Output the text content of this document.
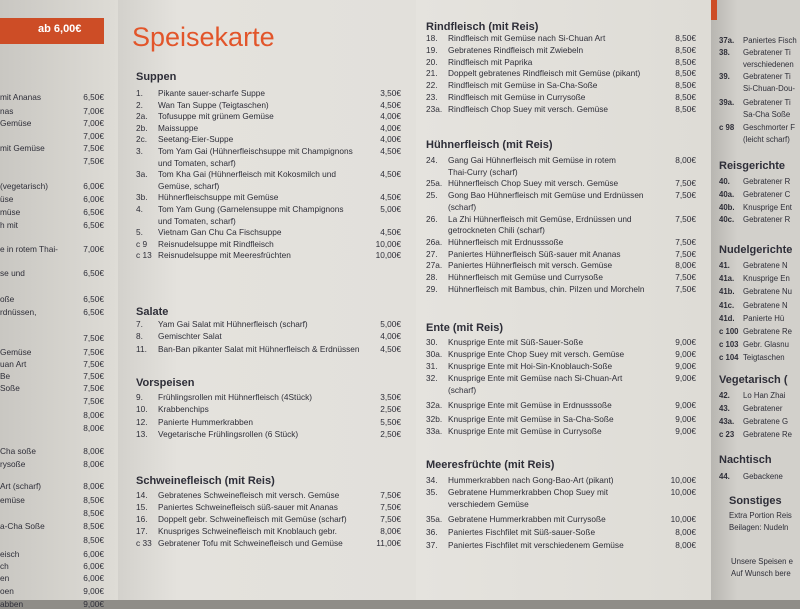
ab 6,00€
mit Ananas	6,50€
nas	7,00€
Gemüse	7,00€
7,00€
mit Gemüse	7,50€
7,50€
(vegetarisch)	6,00€
üse	6,00€
müse	6,50€
h mit	6,50€
e in rotem Thai-	7,00€
se und	6,50€
oße	6,50€
rdnüssen,	6,50€
7,50€
Gemüse	7,50€
uan Art	7,50€
Be	7,50€
Soße	7,50€
7,50€
8,00€
8,00€
Cha soße	8,00€
rysoße	8,00€
Art (scharf)	8,00€
emüse	8,50€
8,50€
a-Cha Soße	8,50€
8,50€
eisch	6,00€
ch	6,00€
en	6,00€
oen	9,00€
abben	9,00€
Speisekarte
Suppen
1.	Pikante sauer-scharfe Suppe	3,50€
2.	Wan Tan Suppe (Teigtaschen)	4,50€
2a.	Tofusuppe mit grünem Gemüse	4,00€
2b.	Maissuppe	4,00€
2c.	Seetang-Eier-Suppe	4,00€
3.	Tom Yam Gai (Hühnerfleischsuppe mit Champignons	4,50€
und Tomaten, scharf)
3a.	Tom Kha Gai (Hühnerfleisch mit Kokosmilch und	4,50€
Gemüse, scharf)
3b.	Hühnerfleischsuppe mit Gemüse	4,50€
4.	Tom Yam Gung (Garnelensuppe mit Champignons	5,00€
und Tomaten, scharf)
5.	Vietnam Gan Chu Ca Fischsuppe	4,50€
c 9	Reisnudelsuppe mit Rindfleisch	10,00€
c 13 Reisnudelsuppe mit Meeresfrüchten	10,00€
Salate
7.	Yam Gai Salat mit Hühnerfleisch (scharf)	5,00€
8.	Gemischter Salat	4,00€
11.	Ban-Ban pikanter Salat mit Hühnerfleisch & Erdnüssen 4,50€
Vorspeisen
9.	Frühlingsrollen mit Hühnerfleisch (4Stück)	3,50€
10.	Krabbenchips	2,50€
12.	Panierte Hummerkrabben	5,50€
13.	Vegetarische Frühlingsrollen (6 Stück)	2,50€
Schweinefleisch (mit Reis)
14.	Gebratenes Schweinefleisch mit versch. Gemüse	7,50€
15.	Paniertes Schweinefleisch süß-sauer mit Ananas	7,50€
16.	Doppelt gebr. Schweinefleisch mit Gemüse (scharf)	7,50€
17.	Knuspriges Schweinefleisch mit Knoblauch gebr.	8,00€
c 33 Gebratener Tofu mit Schweinefleisch und Gemüse	11,00€
Rindfleisch (mit Reis)
18.	Rindfleisch mit Gemüse nach Si-Chuan Art	8,50€
19.	Gebratenes Rindfleisch mit Zwiebeln	8,50€
20.	Rindfleisch mit Paprika	8,50€
21.	Doppelt gebratenes Rindfleisch mit Gemüse (pikant)	8,50€
22.	Rindfleisch mit Gemüse in Sa-Cha-Soße	8,50€
23.	Rindfleisch mit Gemüse in Currysoße	8,50€
23a. Rindfleisch Chop Suey mit versch. Gemüse	8,50€
Hühnerfleisch (mit Reis)
24.	Gang Gai Hühnerfleisch mit Gemüse in rotem	8,00€
Thai-Curry (scharf)
25a. Hühnerfleisch Chop Suey mit versch. Gemüse	7,50€
25.	Gong Bao Hühnerfleisch mit Gemüse und Erdnüssen	7,50€
(scharf)
26.	La Zhi Hühnerfleisch mit Gemüse, Erdnüssen und	7,50€
getrockneten Chili (scharf)
26a. Hühnerfleisch mit Erdnusssoße	7,50€
27.	Paniertes Hühnerfleisch Süß-sauer mit Ananas	7,50€
27a. Paniertes Hühnerfleisch mit versch. Gemüse	8,00€
28.	Hühnerfleisch mit Gemüse und Currysoße	7,50€
29.	Hühnerfleisch mit Bambus, chin. Pilzen und Morcheln	7,50€
Ente (mit Reis)
30.	Knusprige Ente mit Süß-Sauer-Soße	9,00€
30a. Knusprige Ente Chop Suey mit versch. Gemüse	9,00€
31.	Knusprige Ente mit Hoi-Sin-Knoblauch-Soße	9,00€
32.	Knusprige Ente mit Gemüse nach Si-Chuan-Art	9,00€
(scharf)
32a. Knusprige Ente mit Gemüse in Erdnusssoße	9,00€
32b. Knusprige Ente mit Gemüse in Sa-Cha-Soße	9,00€
33a. Knusprige Ente mit Gemüse in Currysoße	9,00€
Meeresfrüchte (mit Reis)
34.	Hummerkrabben nach Gong-Bao-Art (pikant)	10,00€
35.	Gebratene Hummerkrabben Chop Suey mit	10,00€
verschiedem Gemüse
35a. Gebratene Hummerkrabben mit Currysoße	10,00€
36.	Paniertes Fischfilet mit Süß-sauer-Soße	8,00€
37.	Paniertes Fischfilet mit verschiedenem Gemüse	8,00€
37a. Paniertes Fisch
38. Gebratener Ti
verschiedenen
39. Gebratener Ti
Si-Chuan-Dou-
39a. Gebratener Ti
Sa-Cha Soße
c 98 Geschmorter F
(leicht scharf)
Reisgerichte
40. Gebratener R
40a. Gebratener C
40b. Knusprige Ent
40c. Gebratener R
Nudelgerichte
41. Gebratene N
41a. Knusprige En
41b. Gebratene Nu
41c. Gebratene N
41d. Panierte Hü
c 100 Gebratene Re
c 103 Gebr. Glasnu
c 104 Teigtaschen
Vegetarisch (
42. Lo Han Zhai
43. Gebratener
43a. Gebratene G
c 23 Gebratene Re
Nachtisch
44. Gebackene
Sonstiges
Extra Portion Reis
Beilagen: Nudeln
Unsere Speisen e
Auf Wunsch bere
